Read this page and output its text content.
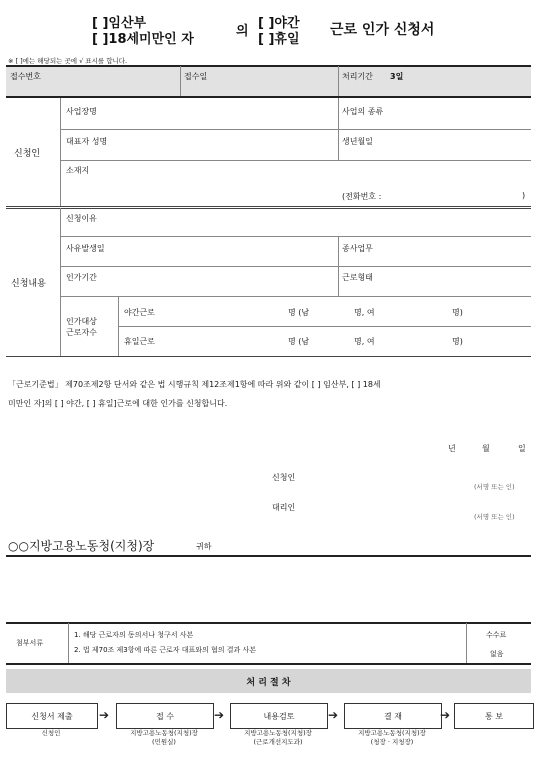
[ ]임산부
[ ]18세미만인 자
의
[ ]야간
[ ]휴일
근로 인가 신청서
※ [ ]에는 해당되는 곳에 √ 표시를 합니다.
접수번호	접수일	처리기간 3일
신청인
사업장명	사업의 종류
대표자 성명	생년월일
소재지
(전화번호 :	)
신청내용
신청이유
사유발생일	종사업무
인가기간	근로형태
인가대상
근로자수
야간근로	명 (남	명, 여	명)
휴일근로	명 (남	명, 여	명)
「근로기준법」 제70조제2항 단서와 같은 법 시행규칙 제12조제1항에 따라 위와 같이 [ ] 임산부, [ ] 18세
미만인 자]의 [ ] 야간, [ ] 휴일]근로에 대한 인가를 신청합니다.
년	월	일
신청인
(서명 또는 인)
대리인
(서명 또는 인)
○○지방고용노동청(지청)장	귀하
첨부서류
1. 해당 근로자의 동의서나 청구서 사본
2. 법 제70조 제3항에 따른 근로자 대표와의 협의 결과 사본
수수료
없음
처 리 절 차
신청서 제출	➔	접 수	➔	내용검토	➔	결 재	➔	통 보
신청인	지방고용노동청(지청)장
(민원실)
지방고용노동청(지청)장
(근로개선지도과)
지방고용노동청(지청)장
(청장 · 지청장)
